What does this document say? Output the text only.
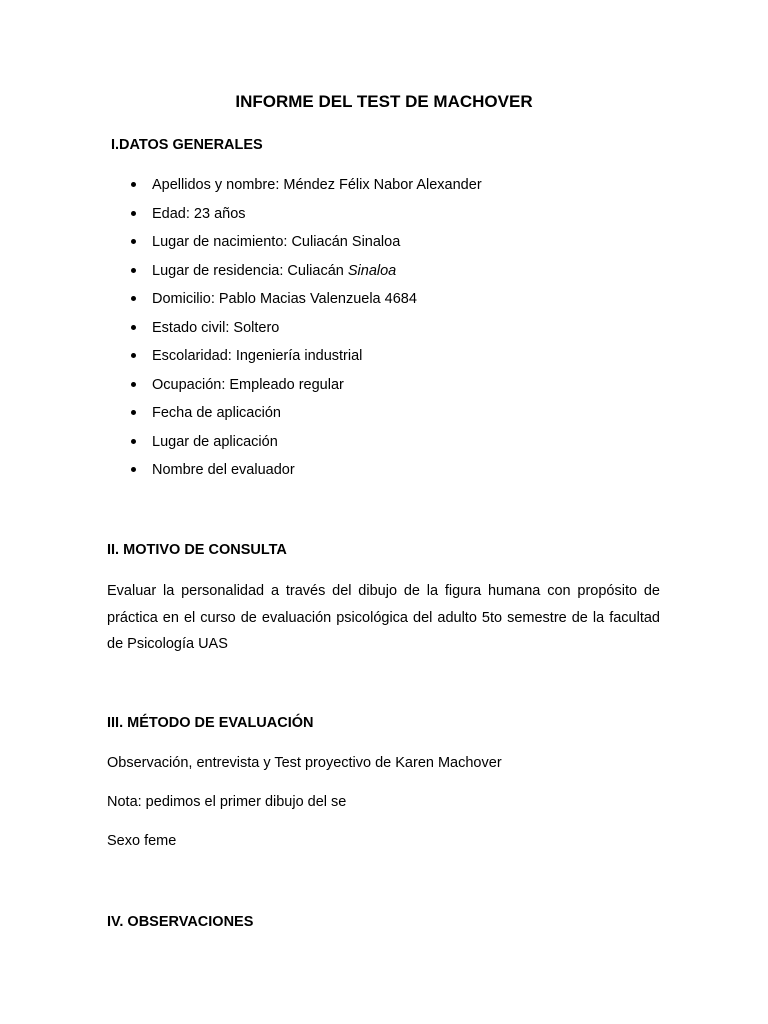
INFORME DEL TEST DE MACHOVER
I.DATOS GENERALES
Apellidos y nombre: Méndez Félix Nabor Alexander
Edad: 23 años
Lugar de nacimiento: Culiacán Sinaloa
Lugar de residencia: Culiacán Sinaloa
Domicilio: Pablo Macias Valenzuela 4684
Estado civil: Soltero
Escolaridad: Ingeniería industrial
Ocupación: Empleado regular
Fecha de aplicación
Lugar de aplicación
Nombre del evaluador
II. MOTIVO DE CONSULTA

Evaluar la personalidad a través del dibujo de la figura humana con propósito de práctica en el curso de evaluación psicológica del adulto 5to semestre de la facultad de Psicología UAS

III. MÉTODO DE EVALUACIÓN

Observación, entrevista y Test proyectivo de Karen Machover

Nota: pedimos el primer dibujo del se

Sexo feme

IV. OBSERVACIONES
